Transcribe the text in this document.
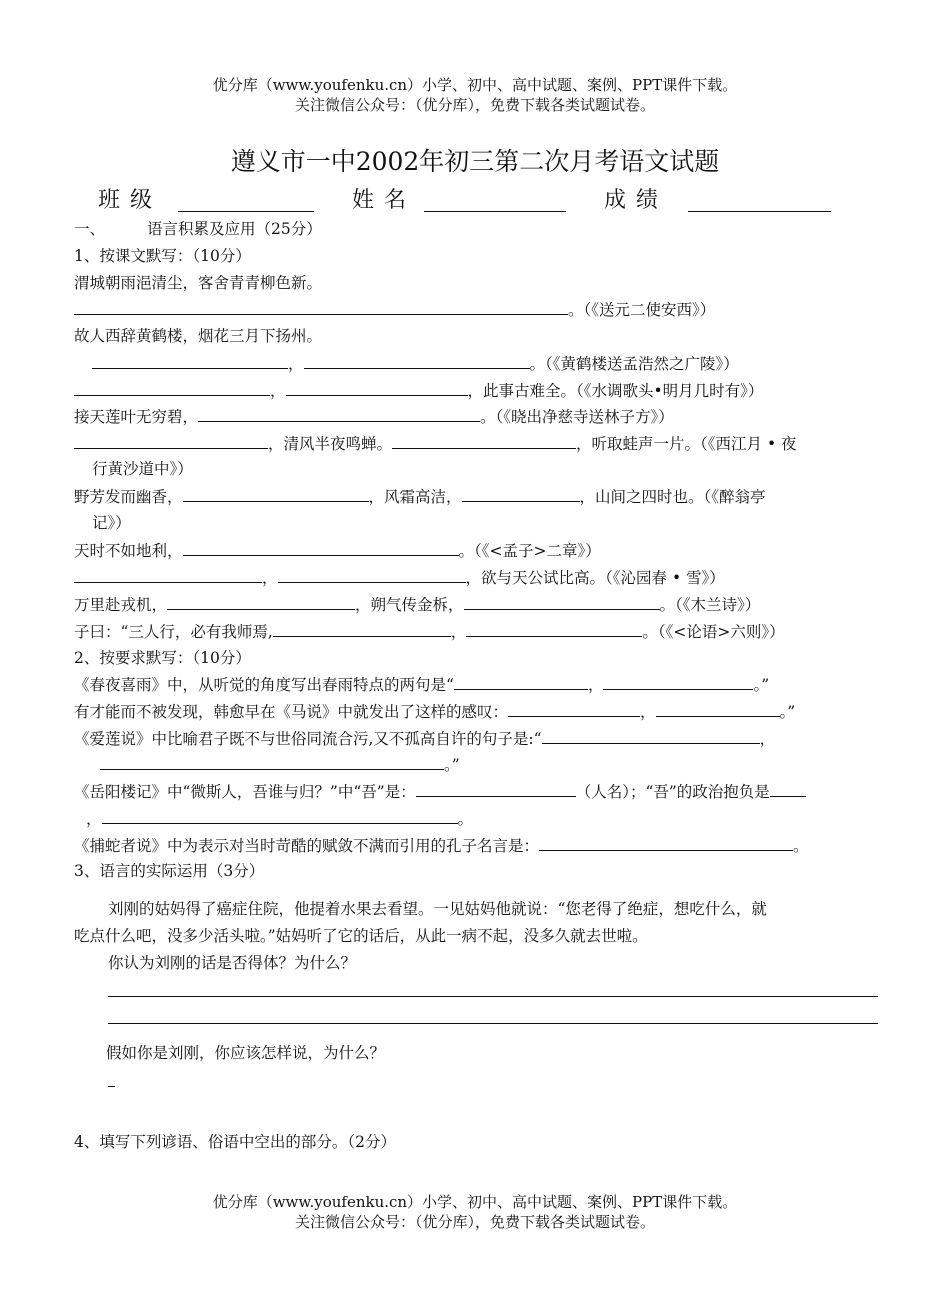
优分库（www.youfenku.cn）小学、初中、高中试题、案例、PPT课件下载。
关注微信公众号：（优分库），免费下载各类试题试卷。
遵义市一中2002年初三第二次月考语文试题
班级	姓名	成绩
一、	语言积累及应用（25分）
1、按课文默写：（10分）
渭城朝雨浥清尘，客舍青青柳色新。
。（《送元二使安西》）
故人西辞黄鹤楼，烟花三月下扬州。
，	。（《黄鹤楼送孟浩然之广陵》）
，	，此事古难全。（《水调歌头•明月几时有》）
接天莲叶无穷碧，	。（《晓出净慈寺送林子方》）
，清风半夜鸣蝉。	，听取蛙声一片。（《西江月 • 夜
行黄沙道中》）
野芳发而幽香，	，风霜高洁，	，山间之四时也。（《醉翁亭
记》）
天时不如地利，	。（《<孟子>二章》）
，	，欲与天公试比高。（《沁园春 • 雪》）
万里赴戎机，	，朔气传金柝，	。（《木兰诗》）
子曰：“三人行，必有我师焉,	，	。（《<论语>六则》）
2、按要求默写：（10分）
《春夜喜雨》中，从听觉的角度写出春雨特点的两句是“	，	。”
有才能而不被发现，韩愈早在《马说》中就发出了这样的感叹：	，	。”
《爱莲说》中比喻君子既不与世俗同流合污,又不孤高自许的句子是:“	，
。”
《岳阳楼记》中“微斯人，吾谁与归？”中“吾”是：	（人名）；“吾”的政治抱负是
，	。
《捕蛇者说》中为表示对当时苛酷的赋敛不满而引用的孔子名言是：	。
3、语言的实际运用（3分）
刘刚的姑妈得了癌症住院，他提着水果去看望。一见姑妈他就说：“您老得了绝症，想吃什么，就
吃点什么吧，没多少活头啦。”姑妈听了它的话后，从此一病不起，没多久就去世啦。
你认为刘刚的话是否得体？为什么？
假如你是刘刚，你应该怎样说，为什么？
4、填写下列谚语、俗语中空出的部分。（2分）
优分库（www.youfenku.cn）小学、初中、高中试题、案例、PPT课件下载。
关注微信公众号：（优分库），免费下载各类试题试卷。
